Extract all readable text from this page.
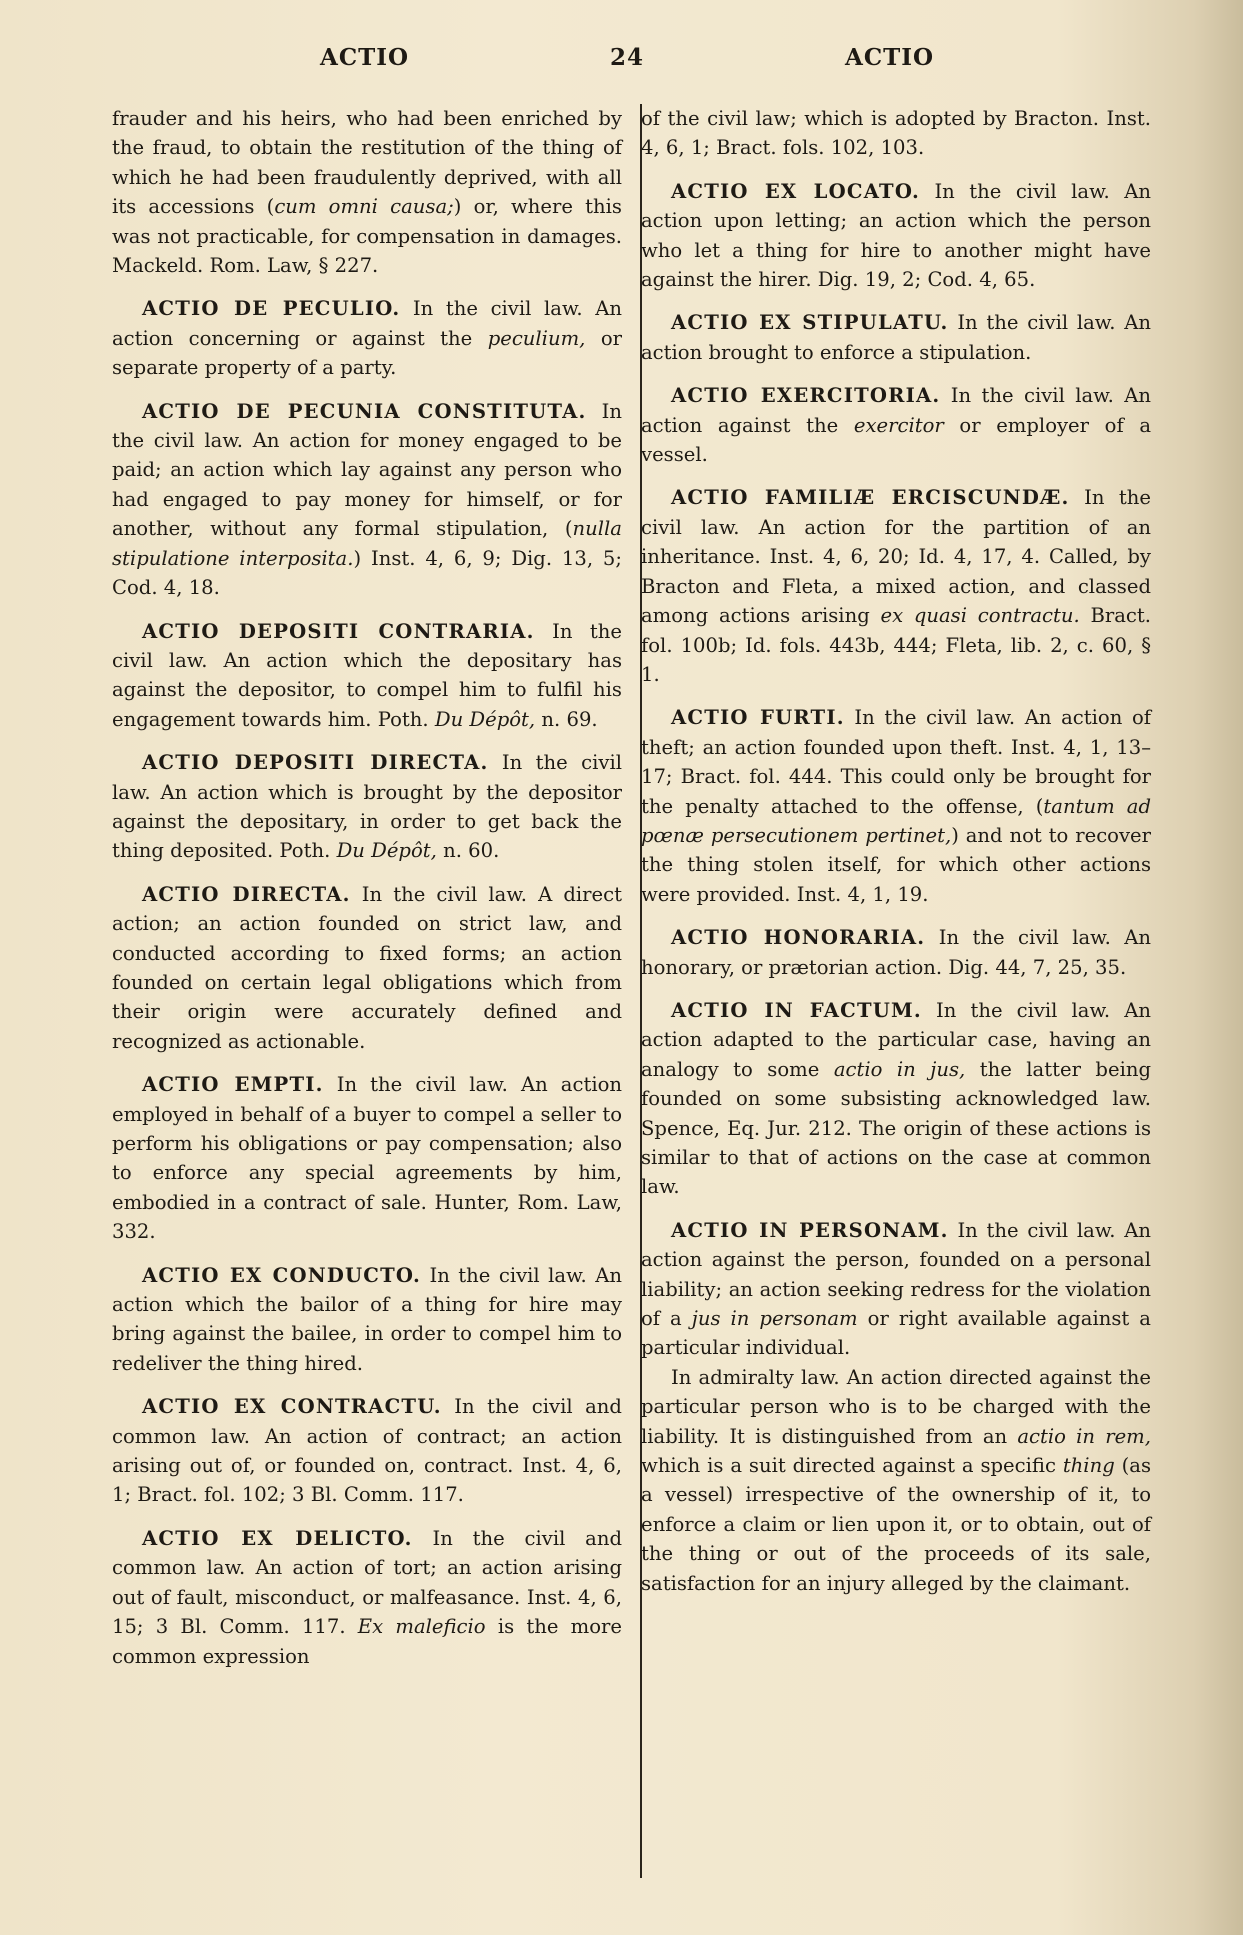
ACTIO	24	ACTIO

frauder and his heirs, who had been enriched by the fraud, to obtain the restitution of the thing of which he had been fraudulently deprived, with all its accessions (cum omni causa;) or, where this was not practicable, for compensation in damages. Mackeld. Rom. Law, § 227.

ACTIO DE PECULIO. In the civil law. An action concerning or against the peculium, or separate property of a party.

ACTIO DE PECUNIA CONSTITUTA. In the civil law. An action for money engaged to be paid; an action which lay against any person who had engaged to pay money for himself, or for another, without any formal stipulation, (nulla stipulatione interposita.) Inst. 4, 6, 9; Dig. 13, 5; Cod. 4, 18.

ACTIO DEPOSITI CONTRARIA. In the civil law. An action which the depositary has against the depositor, to compel him to fulfil his engagement towards him. Poth. Du Dépôt, n. 69.

ACTIO DEPOSITI DIRECTA. In the civil law. An action which is brought by the depositor against the depositary, in order to get back the thing deposited. Poth. Du Dépôt, n. 60.

ACTIO DIRECTA. In the civil law. A direct action; an action founded on strict law, and conducted according to fixed forms; an action founded on certain legal obligations which from their origin were accurately defined and recognized as actionable.

ACTIO EMPTI. In the civil law. An action employed in behalf of a buyer to compel a seller to perform his obligations or pay compensation; also to enforce any special agreements by him, embodied in a contract of sale. Hunter, Rom. Law, 332.

ACTIO EX CONDUCTO. In the civil law. An action which the bailor of a thing for hire may bring against the bailee, in order to compel him to redeliver the thing hired.

ACTIO EX CONTRACTU. In the civil and common law. An action of contract; an action arising out of, or founded on, contract. Inst. 4, 6, 1; Bract. fol. 102; 3 Bl. Comm. 117.

ACTIO EX DELICTO. In the civil and common law. An action of tort; an action arising out of fault, misconduct, or malfeasance. Inst. 4, 6, 15; 3 Bl. Comm. 117. Ex maleficio is the more common expression

of the civil law; which is adopted by Bracton. Inst. 4, 6, 1; Bract. fols. 102, 103.

ACTIO EX LOCATO. In the civil law. An action upon letting; an action which the person who let a thing for hire to another might have against the hirer. Dig. 19, 2; Cod. 4, 65.

ACTIO EX STIPULATU. In the civil law. An action brought to enforce a stipulation.

ACTIO EXERCITORIA. In the civil law. An action against the exercitor or employer of a vessel.

ACTIO FAMILIÆ ERCISCUNDÆ. In the civil law. An action for the partition of an inheritance. Inst. 4, 6, 20; Id. 4, 17, 4. Called, by Bracton and Fleta, a mixed action, and classed among actions arising ex quasi contractu. Bract. fol. 100b; Id. fols. 443b, 444; Fleta, lib. 2, c. 60, § 1.

ACTIO FURTI. In the civil law. An action of theft; an action founded upon theft. Inst. 4, 1, 13–17; Bract. fol. 444. This could only be brought for the penalty attached to the offense, (tantum ad pœnæ persecutionem pertinet,) and not to recover the thing stolen itself, for which other actions were provided. Inst. 4, 1, 19.

ACTIO HONORARIA. In the civil law. An honorary, or prætorian action. Dig. 44, 7, 25, 35.

ACTIO IN FACTUM. In the civil law. An action adapted to the particular case, having an analogy to some actio in jus, the latter being founded on some subsisting acknowledged law. Spence, Eq. Jur. 212. The origin of these actions is similar to that of actions on the case at common law.

ACTIO IN PERSONAM. In the civil law. An action against the person, founded on a personal liability; an action seeking redress for the violation of a jus in personam or right available against a particular individual.

In admiralty law. An action directed against the particular person who is to be charged with the liability. It is distinguished from an actio in rem, which is a suit directed against a specific thing (as a vessel) irrespective of the ownership of it, to enforce a claim or lien upon it, or to obtain, out of the thing or out of the proceeds of its sale, satisfaction for an injury alleged by the claimant.
